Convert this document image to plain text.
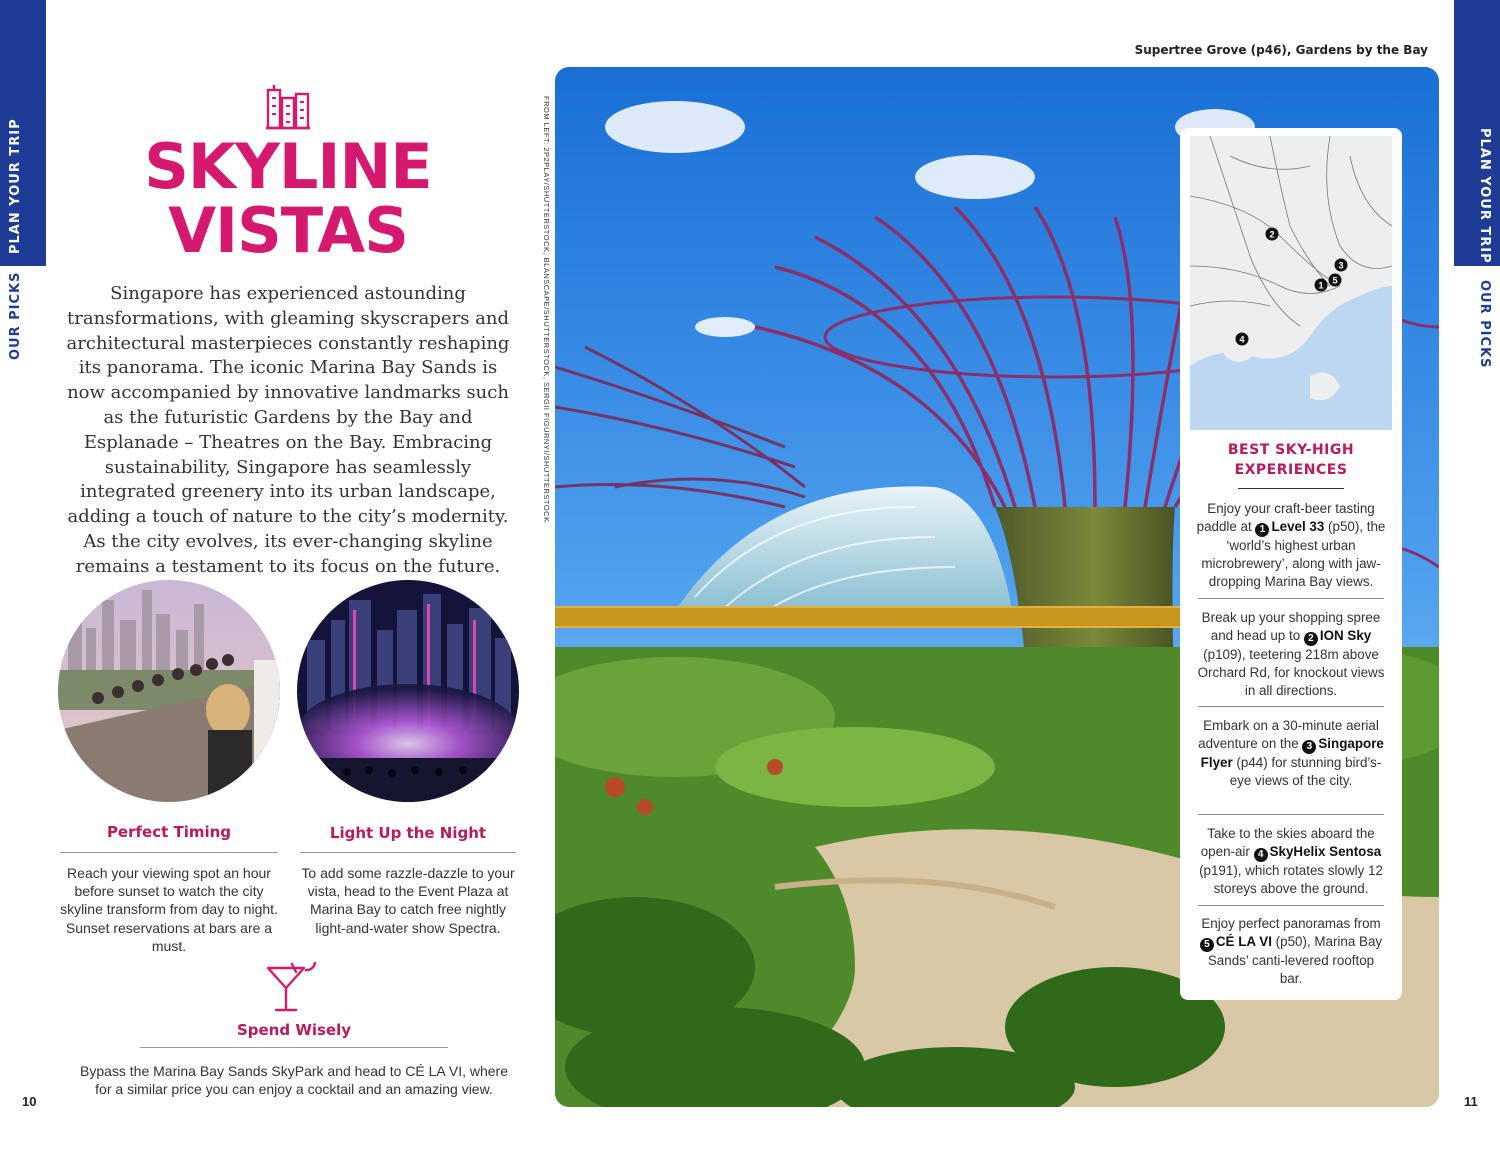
PLAN YOUR TRIP
OUR PICKS
PLAN YOUR TRIP
OUR PICKS
SKYLINE
VISTAS

Singapore has experienced astounding transformations, with gleaming skyscrapers and architectural masterpieces constantly reshaping its panorama. The iconic Marina Bay Sands is now accompanied by innovative landmarks such as the futuristic Gardens by the Bay and Esplanade – Theatres on the Bay. Embracing sustainability, Singapore has seamlessly integrated greenery into its urban landscape, adding a touch of nature to the city’s modernity. As the city evolves, its ever-changing skyline remains a testament to its focus on the future.

Perfect Timing
Reach your viewing spot an hour before sunset to watch the city skyline transform from day to night. Sunset reservations at bars are a must.
Light Up the Night
To add some razzle-dazzle to your vista, head to the Event Plaza at Marina Bay to catch free nightly light-and-water show Spectra.
Spend Wisely
Bypass the Marina Bay Sands SkyPark and head to CÉ LA VI, where for a similar price you can enjoy a cocktail and an amazing view.
10
Supertree Grove (p46), Gardens by the Bay
FROM LEFT: 2P2PLAY/SHUTTERSTOCK, BLANSCAPE/SHUTTERSTOCK, SERGII FIGURNYI/SHUTTERSTOCK	2
3
1 5
4
BEST SKY-HIGH
EXPERIENCES
Enjoy your craft-beer tasting paddle at 1 Level 33 (p50), the ‘world’s highest urban microbrewery’, along with jaw-dropping Marina Bay views.
Break up your shopping spree and head up to 2 ION Sky (p109), teetering 218m above Orchard Rd, for knockout views in all directions.
Embark on a 30-minute aerial adventure on the 3 Singapore Flyer (p44) for stunning bird’s-eye views of the city.
Take to the skies aboard the open-air 4 SkyHelix Sentosa (p191), which rotates slowly 12 storeys above the ground.
Enjoy perfect panoramas from 5 CÉ LA VI (p50), Marina Bay Sands’ canti-levered rooftop bar.
11
